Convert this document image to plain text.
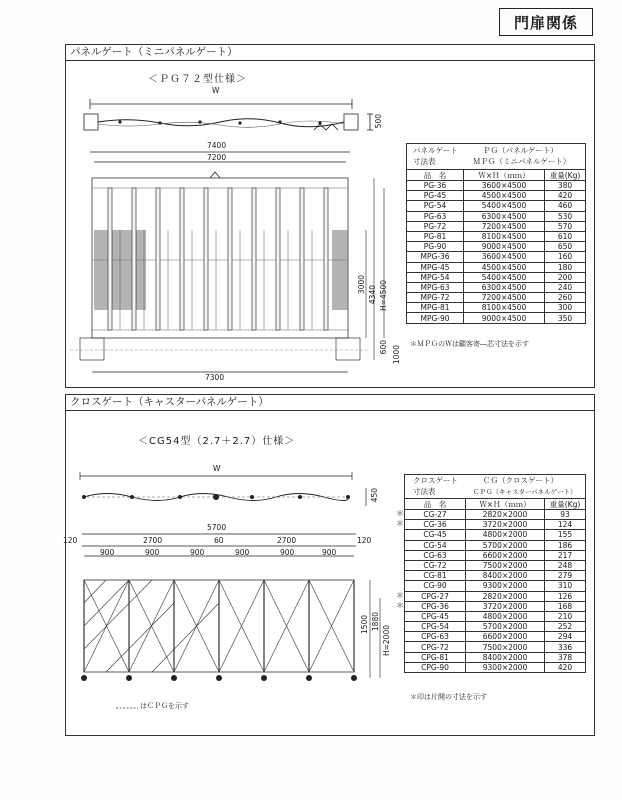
門扉関係
パネルゲート（ミニパネルゲート）
＜ＰＧ７２型仕様＞
W
500
7400
7200
7300
3000
4340 H=4500
600 1000
パネルゲート
寸法表
ＰＧ（パネルゲート）
ＭＰＧ（ミニパネルゲート）
品　名	Ｗ×Ｈ（ｍｍ）	重量(Kg)
PG-36	3600×4500	380
PG-45	4500×4500	420
PG-54	5400×4500	460
PG-63	6300×4500	530
PG-72	7200×4500	570
PG-81	8100×4500	610
PG-90	9000×4500	650
MPG-36	3600×4500	160
MPG-45	4500×4500	180
MPG-54	5400×4500	200
MPG-63	6300×4500	240
MPG-72	7200×4500	260
MPG-81	8100×4500	300
MPG-90	9000×4500	350
＊ＭＰＧのＷは顧客寄―芯寸法を示す
クロスゲート（キャスターパネルゲート）
＜CG54型（2.7＋2.7）仕様＞
W
450
5700
120	120
2700	60	2700
900	900	900	900	900	900
1500 1880
H=2000
はＣＰＧを示す
クロスゲート
寸法表
ＣＧ（クロスゲート）
ＣＰＧ（キャスターパネルゲート）
品　名	Ｗ×Ｈ（ｍｍ）	重量(Kg)
CG-27	2820×2000	93
CG-36	3720×2000	124
CG-45	4800×2000	155
CG-54	5700×2000	186
CG-63	6600×2000	217
CG-72	7500×2000	248
CG-81	8400×2000	279
CG-90	9300×2000	310
CPG-27	2820×2000	126
CPG-36	3720×2000	168
CPG-45	4800×2000	210
CPG-54	5700×2000	252
CPG-63	6600×2000	294
CPG-72	7500×2000	336
CPG-81	8400×2000	378
CPG-90	9300×2000	420
＊
＊
＊
＊
＊印は片開の寸法を示す
